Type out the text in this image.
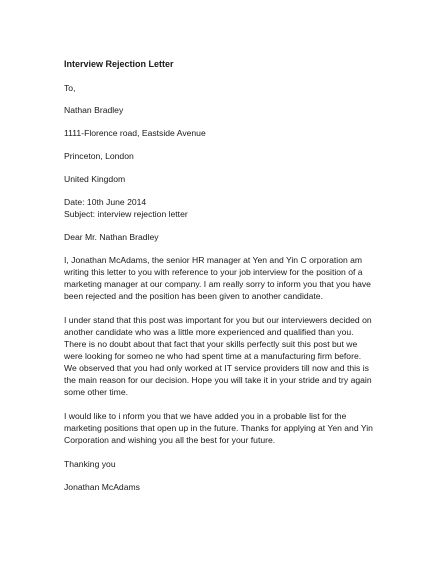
Interview Rejection Letter
To,
Nathan Bradley
1111-Florence road, Eastside Avenue
Princeton, London
United Kingdom
Date: 10th June 2014
Subject: interview rejection letter
Dear Mr. Nathan Bradley
I, Jonathan McAdams, the senior HR manager at Yen and Yin C orporation am
writing this letter to you with reference to your job interview for the position of a
marketing manager at our company. I am really sorry to inform you that you have
been rejected and the position has been given to another candidate.
I under stand that this post was important for you but our interviewers decided on
another candidate who was a little more experienced and qualified than you.
There is no doubt about that fact that your skills perfectly suit this post but we
were looking for someo ne who had spent time at a manufacturing firm before.
We observed that you had only worked at IT service providers till now and this is
the main reason for our decision. Hope you will take it in your stride and try again
some other time.
I would like to i nform you that we have added you in a probable list for the
marketing positions that open up in the future. Thanks for applying at Yen and Yin
Corporation and wishing you all the best for your future.
Thanking you
Jonathan McAdams
